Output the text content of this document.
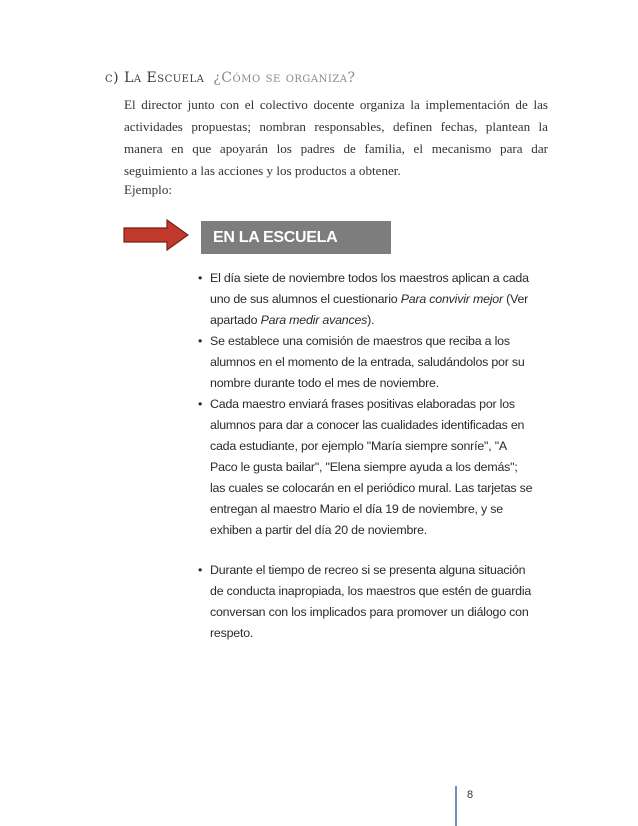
c) La Escuela ¿Cómo se organiza?
El director junto con el colectivo docente organiza la implementación de las actividades propuestas; nombran responsables, definen fechas, plantean la manera en que apoyarán los padres de familia, el mecanismo para dar seguimiento a las acciones y los productos a obtener.
Ejemplo:
EN LA ESCUELA
• El día siete de noviembre todos los maestros aplican a cada uno de sus alumnos el cuestionario Para convivir mejor (Ver apartado Para medir avances).
• Se establece una comisión de maestros que reciba a los alumnos en el momento de la entrada, saludándolos por su nombre durante todo el mes de noviembre.
• Cada maestro enviará frases positivas elaboradas por los alumnos para dar a conocer las cualidades identificadas en cada estudiante, por ejemplo "María siempre sonríe", "A Paco le gusta bailar", "Elena siempre ayuda a los demás"; las cuales se colocarán en el periódico mural. Las tarjetas se entregan al maestro Mario el día 19 de noviembre, y se exhiben a partir del día 20 de noviembre.
• Durante el tiempo de recreo si se presenta alguna situación de conducta inapropiada, los maestros que estén de guardia conversan con los implicados para promover un diálogo con respeto.
8
